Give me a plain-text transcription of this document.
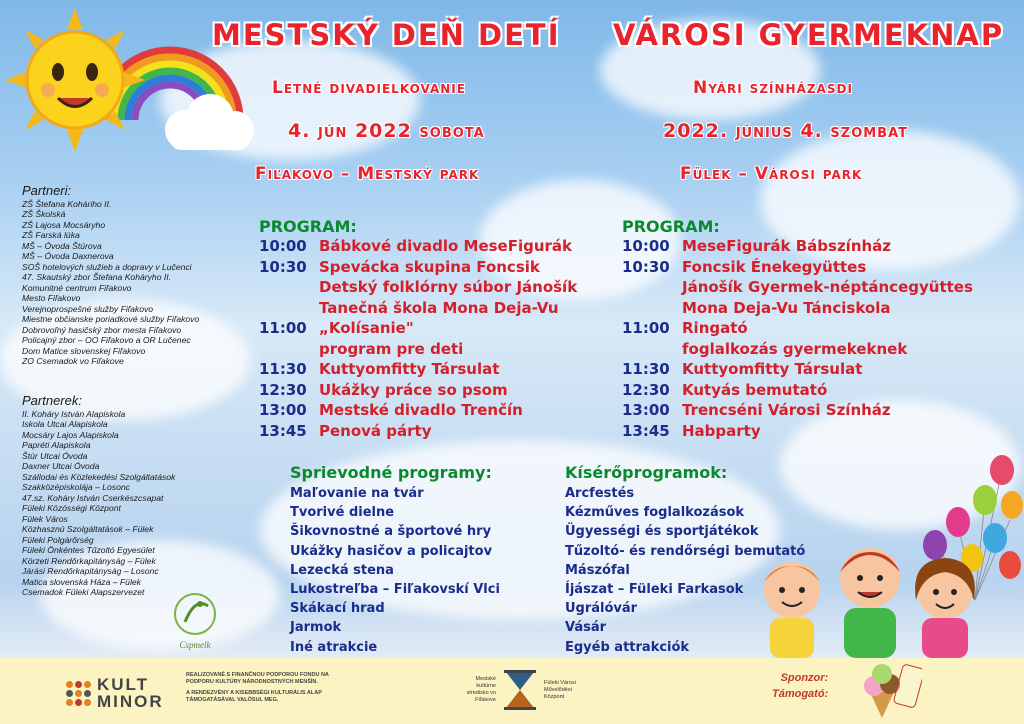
MESTSKÝ DEŇ DETÍ VÁROSI GYERMEKNAP
Letné divadielkovanie	Nyári színházasdi
4. jún 2022 sobota	2022. június 4. szombat
Fiľakovo – Mestský park	Fülek – Városi park
Partneri:
ZŠ Štefana Koháriho II.
ZŠ Školská
ZŠ Lajosa Mocsáryho
ZŠ Farská lúka
MŠ – Óvoda Štúrova
MŠ – Óvoda Daxnerova
SOŠ hotelových služieb a dopravy v Lučenci
47. Skautský zbor Štefana Koháryho II.
Komunitné centrum Fiľakovo
Mesto Fiľakovo
Verejnoprospešné služby Fiľakovo
Miestne občianske poriadkové služby Fiľakovo
Dobrovoľný hasičský zbor mesta Fiľakovo
Policajný zbor – OO Fiľakovo a OR Lučenec
Dom Matice slovenskej Fiľakovo
ZO Csemadok vo Fiľakove
Partnerek:
II. Koháry István Alapiskola
Iskola Utcai Alapiskola
Mocsáry Lajos Alapiskola
Papréti Alapiskola
Štúr Utcai Óvoda
Daxner Utcai Óvoda
Szállodai és Közlekedési Szolgáltatások
Szakközépiskolája – Losonc
47.sz. Koháry István Cserkészcsapat
Füleki Közösségi Központ
Fülek Város
Közhasznú Szolgáltatások – Fülek
Füleki Polgárőrség
Füleki Önkéntes Tűzoltó Egyesület
Körzeti Rendőrkapitányság – Fülek
Járási Rendőrkapitányság – Losonc
Matica slovenská Háza – Fülek
Csemadok Füleki Alapszervezet
Cspmelk
PROGRAM:
10:00 Bábkové divadlo MeseFigurák
10:30 Spevácka skupina Foncsik
Detský folklórny súbor Jánošík
Tanečná škola Mona Deja-Vu
11:00 „Kolísanie"
program pre deti
11:30 Kuttyomfitty Társulat
12:30 Ukážky práce so psom
13:00 Mestské divadlo Trenčín
13:45 Penová párty
PROGRAM:
10:00 MeseFigurák Bábszínház
10:30 Foncsik Énekegyüttes
Jánošík Gyermek-néptáncegyüttes
Mona Deja-Vu Tánciskola
11:00 Ringató
foglalkozás gyermekeknek
11:30 Kuttyomfitty Társulat
12:30 Kutyás bemutató
13:00 Trencséni Városi Színház
13:45 Habparty
Sprievodné programy:
Maľovanie na tvár
Tvorivé dielne
Šikovnostné a športové hry
Ukážky hasičov a policajtov
Lezecká stena
Lukostreľba – Fiľakovskí Vlci
Skákací hrad
Jarmok
Iné atrakcie
Kísérőprogramok:
Arcfestés
Kézműves foglalkozások
Ügyességi és sportjátékok
Tűzoltó- és rendőrségi bemutató
Mászófal
Íjászat – Füleki Farkasok
Ugrálóvár
Vásár
Egyéb attrakciók
KULT
MINOR
REALIZOVANÉ S FINANČNOU PODPOROU FONDU NA PODPORU KULTÚRY NÁRODNOSTNÝCH MENŠÍN.
A RENDEZVÉNY A KISEBBSÉGI KULTURÁLIS ALAP TÁMOGATÁSÁVAL VALÓSUL MEG.
Mestské kultúrne stredisko vo Fiľakove
Füleki Városi Művelődési Központ
Sponzor:
Támogató:
